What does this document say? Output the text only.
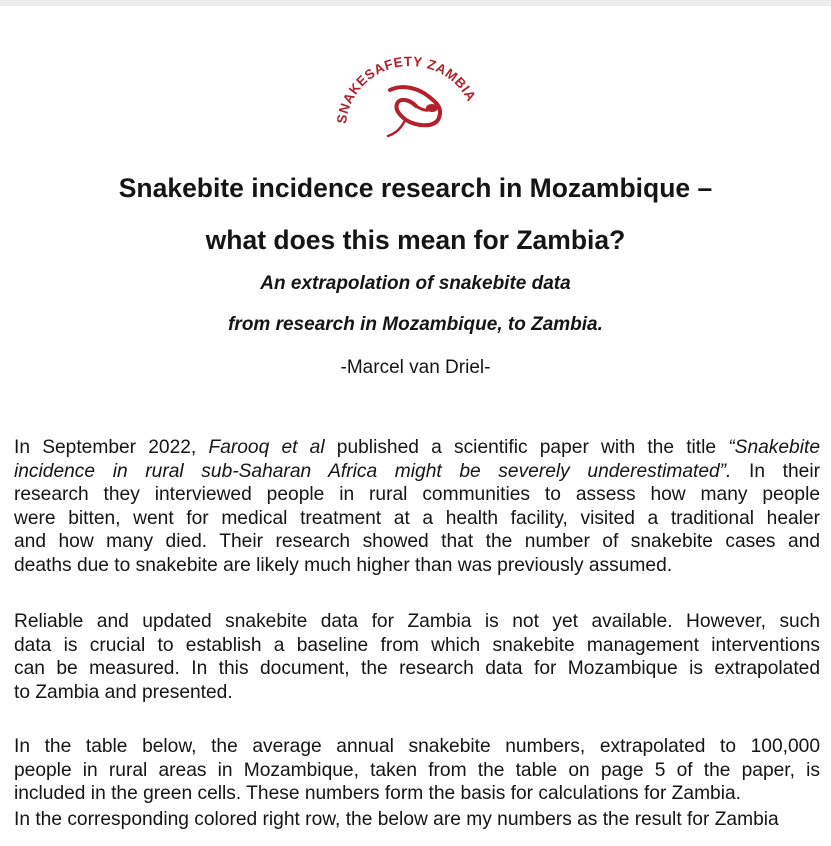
SNAKESAFETY ZAMBIA
Snakebite incidence research in Mozambique –
what does this mean for Zambia?
An extrapolation of snakebite data
from research in Mozambique, to Zambia.
-Marcel van Driel-
In September 2022, Farooq et al published a scientific paper with the title “Snakebite
incidence in rural sub-Saharan Africa might be severely underestimated”. In their
research they interviewed people in rural communities to assess how many people
were bitten, went for medical treatment at a health facility, visited a traditional healer
and how many died. Their research showed that the number of snakebite cases and
deaths due to snakebite are likely much higher than was previously assumed.
Reliable and updated snakebite data for Zambia is not yet available. However, such
data is crucial to establish a baseline from which snakebite management interventions
can be measured. In this document, the research data for Mozambique is extrapolated
to Zambia and presented.
In the table below, the average annual snakebite numbers, extrapolated to 100,000
people in rural areas in Mozambique, taken from the table on page 5 of the paper, is
included in the green cells. These numbers form the basis for calculations for Zambia.
In the corresponding colored right row, the below are my numbers as the result for Zambia
